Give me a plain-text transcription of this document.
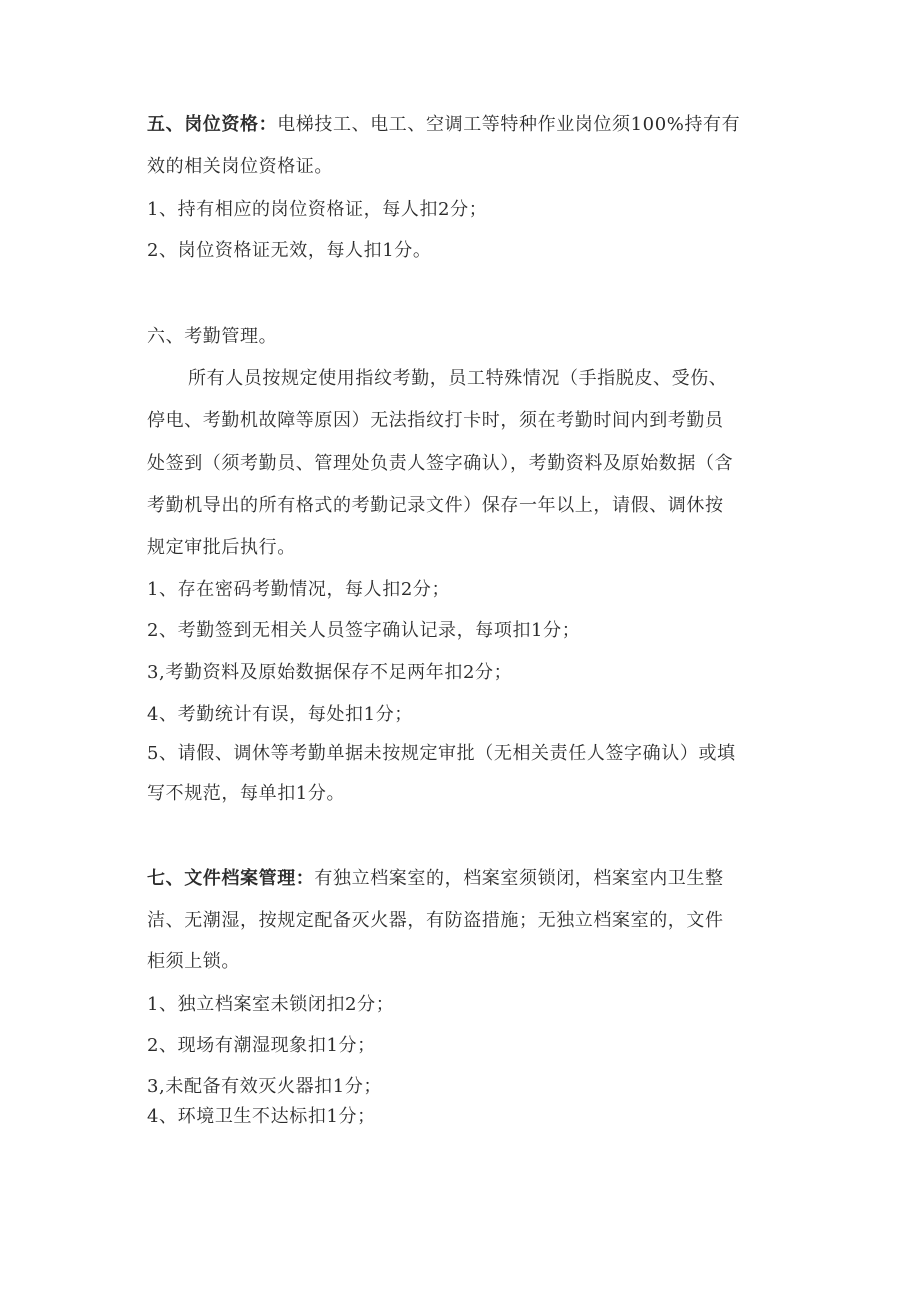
五、岗位资格：电梯技工、电工、空调工等特种作业岗位须100%持有有
效的相关岗位资格证。
1、持有相应的岗位资格证，每人扣2分；
2、岗位资格证无效，每人扣1分。
六、考勤管理。
所有人员按规定使用指纹考勤，员工特殊情况（手指脱皮、受伤、
停电、考勤机故障等原因）无法指纹打卡时，须在考勤时间内到考勤员
处签到（须考勤员、管理处负责人签字确认），考勤资料及原始数据（含
考勤机导出的所有格式的考勤记录文件）保存一年以上，请假、调休按
规定审批后执行。
1、存在密码考勤情况，每人扣2分；
2、考勤签到无相关人员签字确认记录，每项扣1分；
3,考勤资料及原始数据保存不足两年扣2分；
4、考勤统计有误，每处扣1分；
5、请假、调休等考勤单据未按规定审批（无相关责任人签字确认）或填
写不规范，每单扣1分。
七、文件档案管理：有独立档案室的，档案室须锁闭，档案室内卫生整
洁、无潮湿，按规定配备灭火器，有防盗措施；无独立档案室的，文件
柜须上锁。
1、独立档案室未锁闭扣2分；
2、现场有潮湿现象扣1分；
3,未配备有效灭火器扣1分；
4、环境卫生不达标扣1分；
